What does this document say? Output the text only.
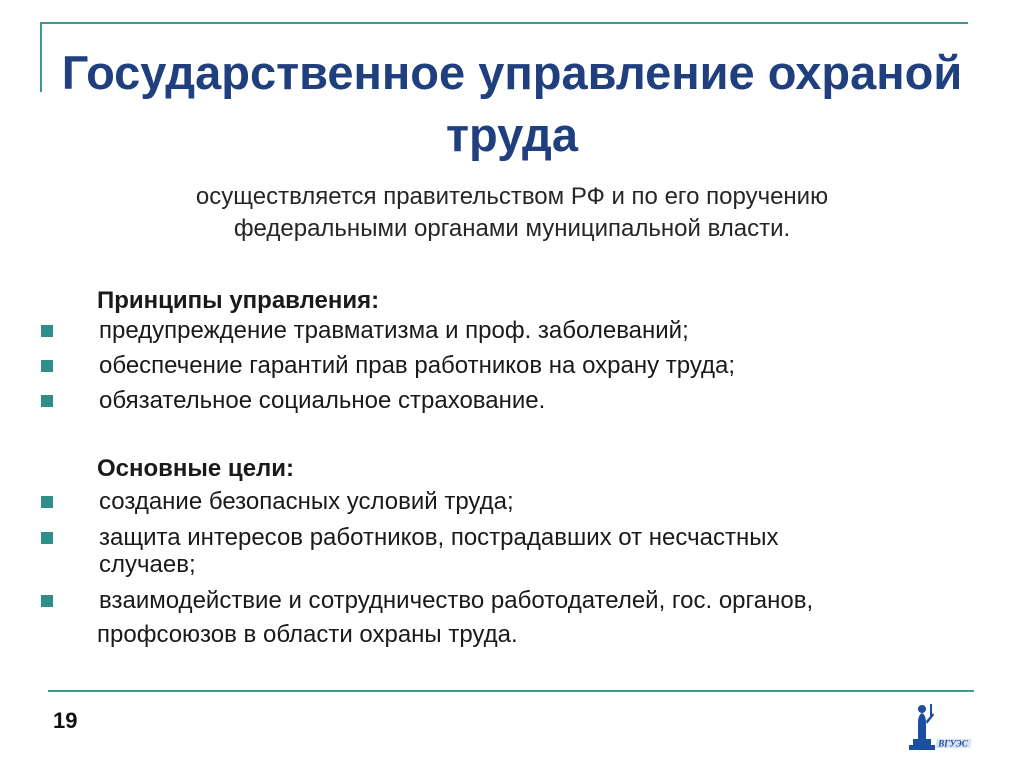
Государственное управление охраной труда
осуществляется правительством РФ и по его поручению
федеральными органами муниципальной власти.
Принципы управления:
предупреждение травматизма и проф. заболеваний;
обеспечение гарантий прав работников на охрану труда;
обязательное социальное страхование.
Основные цели:
создание безопасных условий труда;
защита интересов работников, пострадавших от несчастных
случаев;
взаимодействие и сотрудничество работодателей, гос. органов,
профсоюзов в области охраны труда.
19
ВГУЭС
